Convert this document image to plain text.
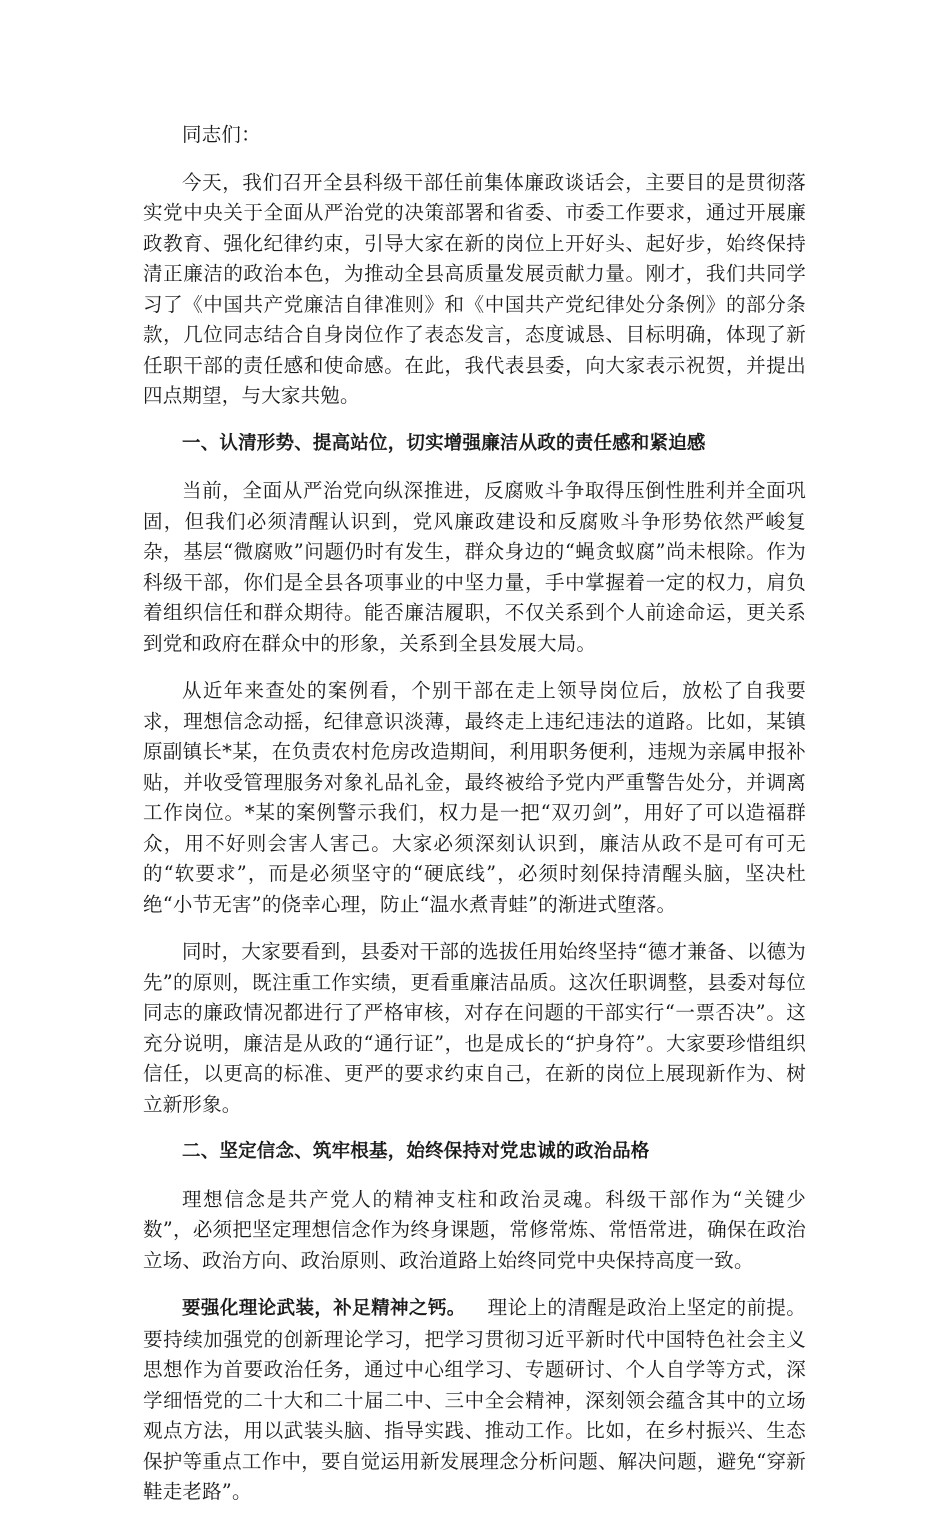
同志们：

今天，我们召开全县科级干部任前集体廉政谈话会，主要目的是贯彻落实党中央关于全面从严治党的决策部署和省委、市委工作要求，通过开展廉政教育、强化纪律约束，引导大家在新的岗位上开好头、起好步，始终保持清正廉洁的政治本色，为推动全县高质量发展贡献力量。刚才，我们共同学习了《中国共产党廉洁自律准则》和《中国共产党纪律处分条例》的部分条款，几位同志结合自身岗位作了表态发言，态度诚恳、目标明确，体现了新任职干部的责任感和使命感。在此，我代表县委，向大家表示祝贺，并提出四点期望，与大家共勉。

一、认清形势、提高站位，切实增强廉洁从政的责任感和紧迫感

当前，全面从严治党向纵深推进，反腐败斗争取得压倒性胜利并全面巩固，但我们必须清醒认识到，党风廉政建设和反腐败斗争形势依然严峻复杂，基层“微腐败”问题仍时有发生，群众身边的“蝇贪蚁腐”尚未根除。作为科级干部，你们是全县各项事业的中坚力量，手中掌握着一定的权力，肩负着组织信任和群众期待。能否廉洁履职，不仅关系到个人前途命运，更关系到党和政府在群众中的形象，关系到全县发展大局。

从近年来查处的案例看，个别干部在走上领导岗位后，放松了自我要求，理想信念动摇，纪律意识淡薄，最终走上违纪违法的道路。比如，某镇原副镇长*某，在负责农村危房改造期间，利用职务便利，违规为亲属申报补贴，并收受管理服务对象礼品礼金，最终被给予党内严重警告处分，并调离工作岗位。*某的案例警示我们，权力是一把“双刃剑”，用好了可以造福群众，用不好则会害人害己。大家必须深刻认识到，廉洁从政不是可有可无的“软要求”，而是必须坚守的“硬底线”，必须时刻保持清醒头脑，坚决杜绝“小节无害”的侥幸心理，防止“温水煮青蛙”的渐进式堕落。

同时，大家要看到，县委对干部的选拔任用始终坚持“德才兼备、以德为先”的原则，既注重工作实绩，更看重廉洁品质。这次任职调整，县委对每位同志的廉政情况都进行了严格审核，对存在问题的干部实行“一票否决”。这充分说明，廉洁是从政的“通行证”，也是成长的“护身符”。大家要珍惜组织信任，以更高的标准、更严的要求约束自己，在新的岗位上展现新作为、树立新形象。

二、坚定信念、筑牢根基，始终保持对党忠诚的政治品格

理想信念是共产党人的精神支柱和政治灵魂。科级干部作为“关键少数”，必须把坚定理想信念作为终身课题，常修常炼、常悟常进，确保在政治立场、政治方向、政治原则、政治道路上始终同党中央保持高度一致。

要强化理论武装，补足精神之钙。 理论上的清醒是政治上坚定的前提。要持续加强党的创新理论学习，把学习贯彻习近平新时代中国特色社会主义思想作为首要政治任务，通过中心组学习、专题研讨、个人自学等方式，深学细悟党的二十大和二十届二中、三中全会精神，深刻领会蕴含其中的立场观点方法，用以武装头脑、指导实践、推动工作。比如，在乡村振兴、生态保护等重点工作中，要自觉运用新发展理念分析问题、解决问题，避免“穿新鞋走老路”。
